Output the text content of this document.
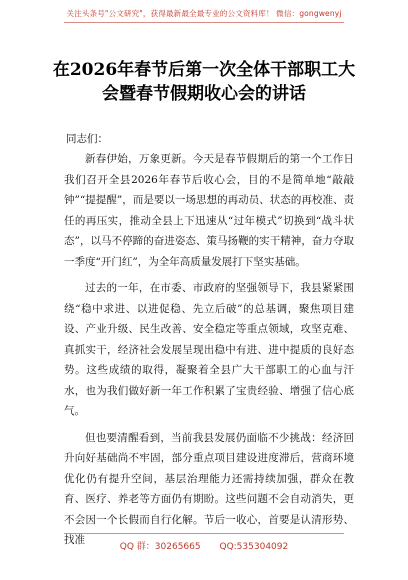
关注头条号"公文研究"，获得最新最全最专业的公文资料库！ 微信：gongwenyj
在2026年春节后第一次全体干部职工大
会暨春节假期收心会的讲话
同志们：

新春伊始，万象更新。今天是春节假期后的第一个工作日我们召开全县2026年春节后收心会，目的不是简单地“敲敲钟”“提提醒”，而是要以一场思想的再动员、状态的再校准、责任的再压实，推动全县上下迅速从“过年模式”切换到“战斗状态”，以马不停蹄的奋进姿态、策马扬鞭的实干精神，奋力夺取一季度“开门红”，为全年高质量发展打下坚实基础。

过去的一年，在市委、市政府的坚强领导下，我县紧紧围绕“稳中求进、以进促稳、先立后破”的总基调，聚焦项目建设、产业升级、民生改善、安全稳定等重点领域，攻坚克难、真抓实干，经济社会发展呈现出稳中有进、进中提质的良好态势。这些成绩的取得，凝聚着全县广大干部职工的心血与汗水，也为我们做好新一年工作积累了宝贵经验、增强了信心底气。

但也要清醒看到，当前我县发展仍面临不少挑战：经济回升向好基础尚不牢固，部分重点项目建设进度滞后，营商环境优化仍有提升空间，基层治理能力还需持续加强，群众在教育、医疗、养老等方面仍有期盼。这些问题不会自动消失，更不会因一个长假而自行化解。节后一收心，首要是认清形势、找准

QQ 群：30265665 QQ:535304092
